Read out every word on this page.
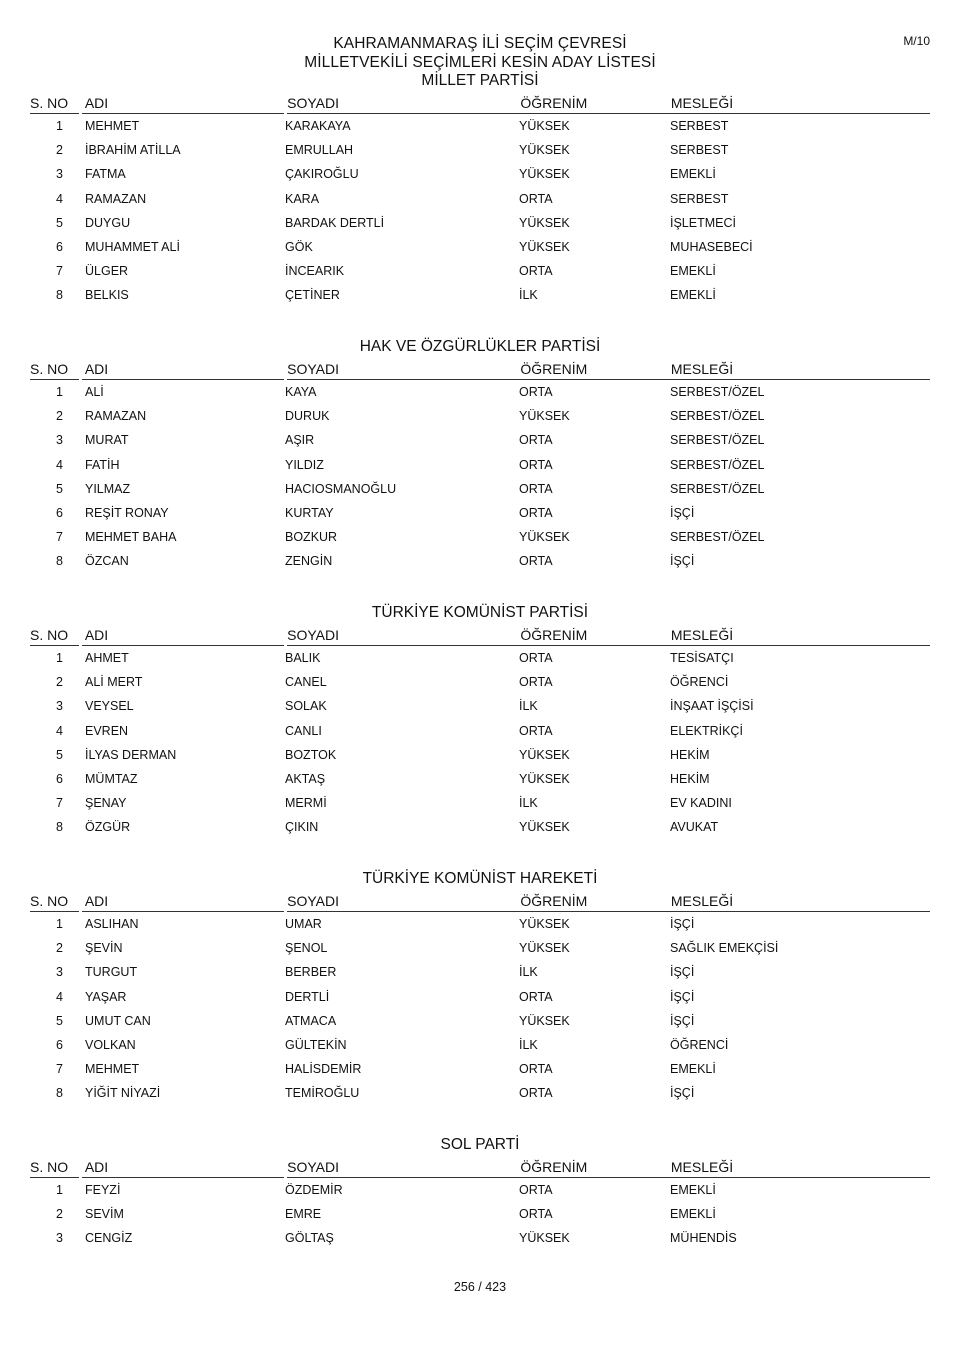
M/10
KAHRAMANMARAŞ İLİ SEÇİM ÇEVRESİ
MİLLETVEKİLİ SEÇİMLERİ KESİN ADAY LİSTESİ
MİLLET PARTİSİ
S. NO	ADI	SOYADI	ÖĞRENİM	MESLEĞİ
1	MEHMET	KARAKAYA	YÜKSEK	SERBEST
2	İBRAHİM ATİLLA	EMRULLAH	YÜKSEK	SERBEST
3	FATMA	ÇAKIROĞLU	YÜKSEK	EMEKLİ
4	RAMAZAN	KARA	ORTA	SERBEST
5	DUYGU	BARDAK DERTLİ	YÜKSEK	İŞLETMECİ
6	MUHAMMET ALİ	GÖK	YÜKSEK	MUHASEBECİ
7	ÜLGER	İNCEARIK	ORTA	EMEKLİ
8	BELKIS	ÇETİNER	İLK	EMEKLİ
HAK VE ÖZGÜRLÜKLER PARTİSİ
S. NO	ADI	SOYADI	ÖĞRENİM	MESLEĞİ
1	ALİ	KAYA	ORTA	SERBEST/ÖZEL
2	RAMAZAN	DURUK	YÜKSEK	SERBEST/ÖZEL
3	MURAT	AŞIR	ORTA	SERBEST/ÖZEL
4	FATİH	YILDIZ	ORTA	SERBEST/ÖZEL
5	YILMAZ	HACIOSMANOĞLU	ORTA	SERBEST/ÖZEL
6	REŞİT RONAY	KURTAY	ORTA	İŞÇİ
7	MEHMET BAHA	BOZKUR	YÜKSEK	SERBEST/ÖZEL
8	ÖZCAN	ZENGİN	ORTA	İŞÇİ
TÜRKİYE KOMÜNİST PARTİSİ
S. NO	ADI	SOYADI	ÖĞRENİM	MESLEĞİ
1	AHMET	BALIK	ORTA	TESİSATÇI
2	ALİ MERT	CANEL	ORTA	ÖĞRENCİ
3	VEYSEL	SOLAK	İLK	İNŞAAT İŞÇİSİ
4	EVREN	CANLI	ORTA	ELEKTRİKÇİ
5	İLYAS DERMAN	BOZTOK	YÜKSEK	HEKİM
6	MÜMTAZ	AKTAŞ	YÜKSEK	HEKİM
7	ŞENAY	MERMİ	İLK	EV KADINI
8	ÖZGÜR	ÇIKIN	YÜKSEK	AVUKAT
TÜRKİYE KOMÜNİST HAREKETİ
S. NO	ADI	SOYADI	ÖĞRENİM	MESLEĞİ
1	ASLIHAN	UMAR	YÜKSEK	İŞÇİ
2	ŞEVİN	ŞENOL	YÜKSEK	SAĞLIK EMEKÇİSİ
3	TURGUT	BERBER	İLK	İŞÇİ
4	YAŞAR	DERTLİ	ORTA	İŞÇİ
5	UMUT CAN	ATMACA	YÜKSEK	İŞÇİ
6	VOLKAN	GÜLTEKİN	İLK	ÖĞRENCİ
7	MEHMET	HALİSDEMİR	ORTA	EMEKLİ
8	YİĞİT NİYAZİ	TEMİROĞLU	ORTA	İŞÇİ
SOL PARTİ
S. NO	ADI	SOYADI	ÖĞRENİM	MESLEĞİ
1	FEYZİ	ÖZDEMİR	ORTA	EMEKLİ
2	SEVİM	EMRE	ORTA	EMEKLİ
3	CENGİZ	GÖLTAŞ	YÜKSEK	MÜHENDİS
256 / 423
